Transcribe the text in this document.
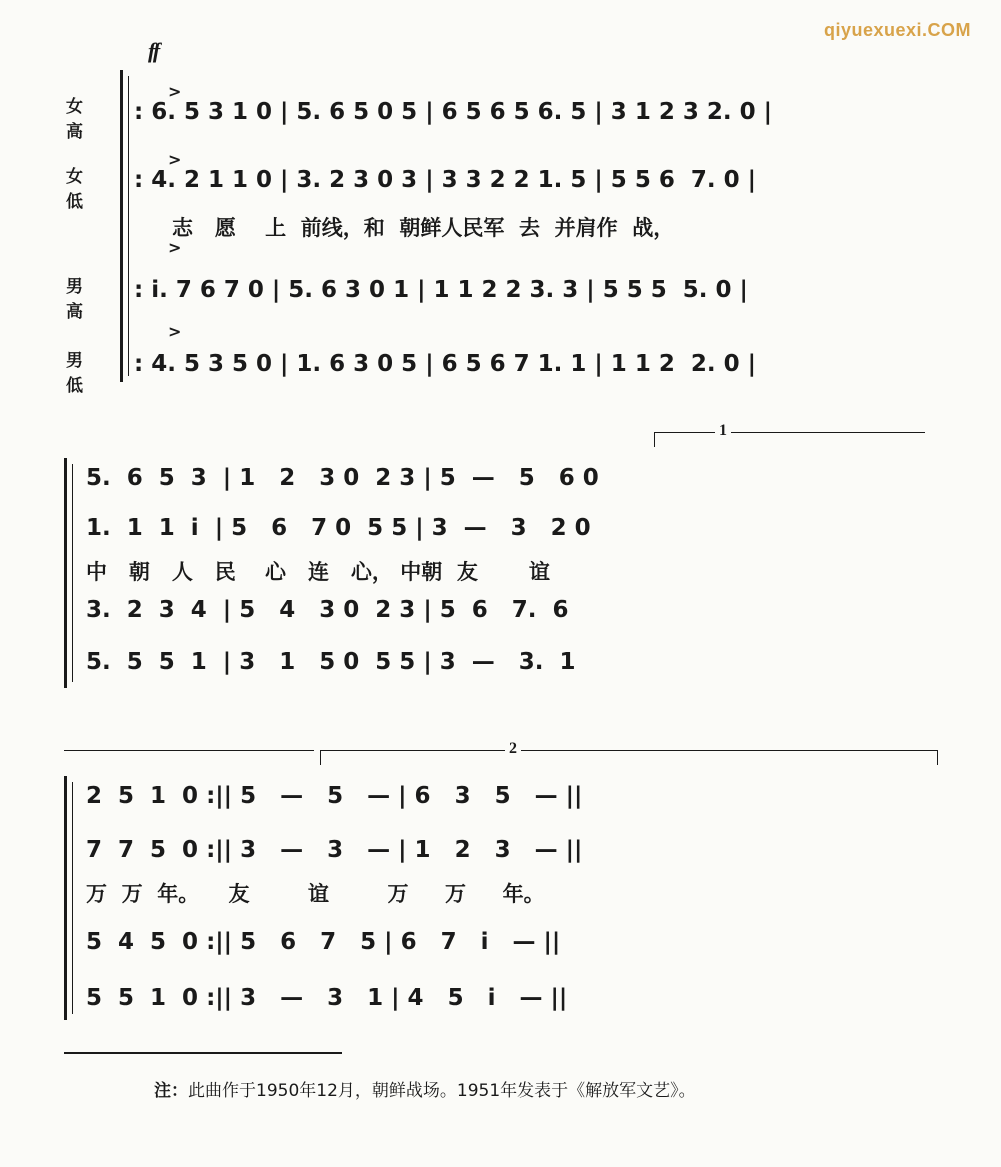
qiyuexuexi.COM
ff
女高
女低
男高
男低
>
>
>
>
: 6. 5 3 1 0 | 5. 6 5 0 5 | 6 5 6 5 6. 5 | 3 1 2 3 2. 0 |
: 4. 2 1 1 0 | 3. 2 3 0 3 | 3 3 2 2 1. 5 | 5 5 6  7. 0 |
志   愿    上  前线，和  朝鲜人民军  去  并肩作  战，
: i. 7 6 7 0 | 5. 6 3 0 1 | 1 1 2 2 3. 3 | 5 5 5  5. 0 |
: 4. 5 3 5 0 | 1. 6 3 0 5 | 6 5 6 7 1. 1 | 1 1 2  2. 0 |
1
5.  6  5  3  | 1   2   3 0  2 3 | 5  —   5   6 0
1.  1  1  i  | 5   6   7 0  5 5 | 3  —   3   2 0
中   朝   人   民    心   连   心， 中朝  友       谊
3.  2  3  4  | 5   4   3 0  2 3 | 5  6   7.  6
5.  5  5  1  | 3   1   5 0  5 5 | 3  —   3.  1
2
2  5  1  0 :|| 5   —   5   — | 6   3   5   — ||
7  7  5  0 :|| 3   —   3   — | 1   2   3   — ||
万  万  年。    友        谊        万     万     年。
5  4  5  0 :|| 5   6   7   5 | 6   7   i   — ||
5  5  1  0 :|| 3   —   3   1 | 4   5   i   — ||
注：此曲作于1950年12月，朝鲜战场。1951年发表于《解放军文艺》。
